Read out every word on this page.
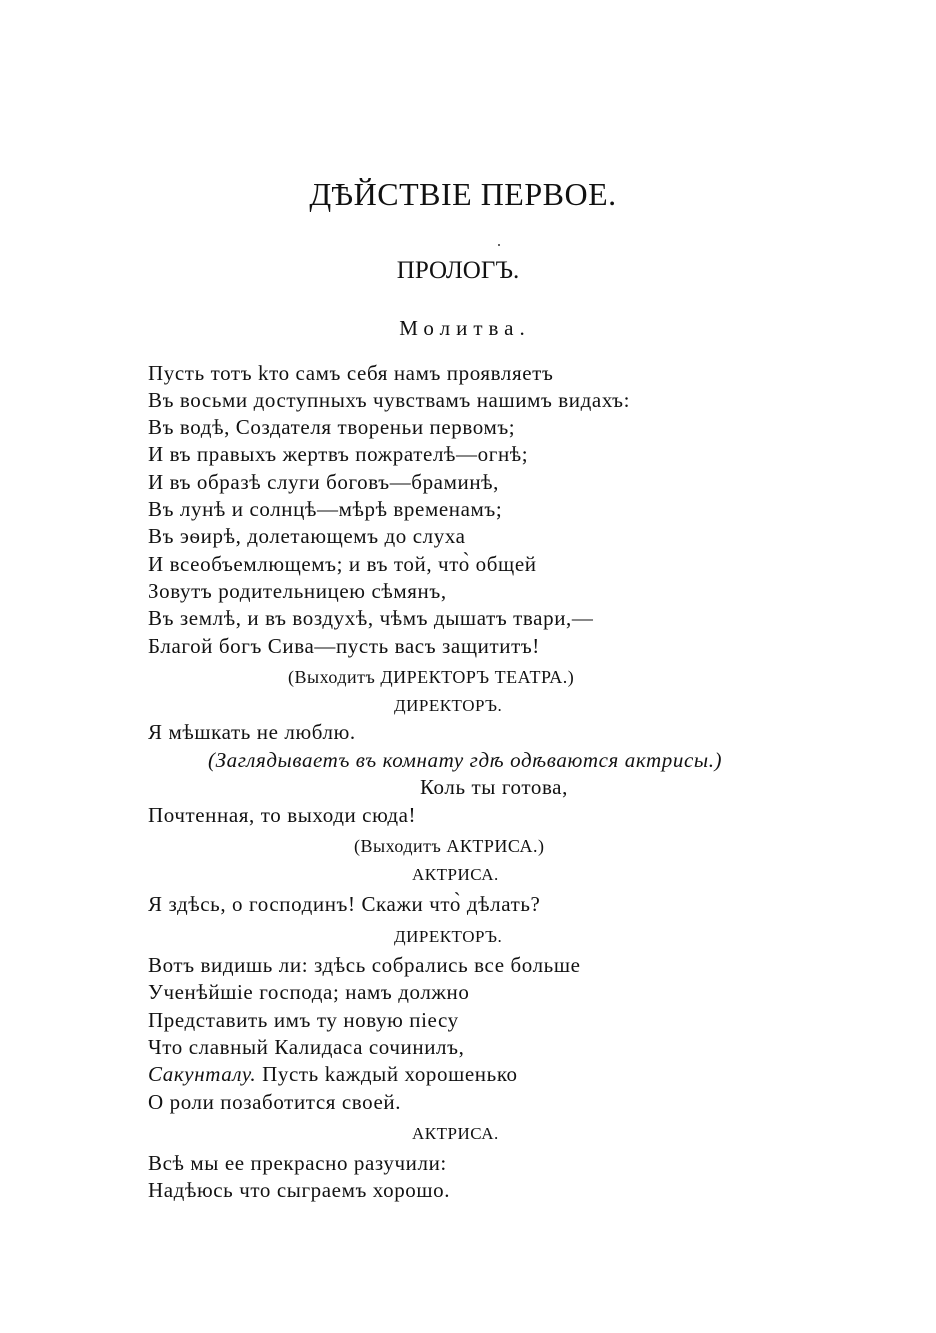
ДѢЙСТВІЕ ПЕРВОЕ.
ПРОЛОГЪ.
Молитва.
Пусть тотъ kто самъ себя намъ проявляетъ
Въ восьми доступныхъ чувствамъ нашимъ видахъ:
Въ водѣ, Создателя твореньи первомъ;
И въ правыхъ жертвъ пожрателѣ—огнѣ;
И въ образѣ слуги боговъ—браминѣ,
Въ лунѣ и солнцѣ—мѣрѣ временамъ;
Въ эѳирѣ, долетающемъ до слуха
И всеобъемлющемъ; и въ той, что̀ общей
Зовутъ родительницею сѣмянъ,
Въ землѣ, и въ воздухѣ, чѣмъ дышатъ твари,—
Благой богъ Сива—пусть васъ защититъ!
(Выходитъ ДИРЕКТОРЪ ТЕАТРА.)
ДИРЕКТОРЪ.
Я мѣшкать не люблю.
(Заглядываетъ въ комнату гдѣ одѣваются актрисы.)
Коль ты готова,
Почтенная, то выходи сюда!
(Выходитъ АКТРИСА.)
АКТРИСА.
Я здѣсь, о господинъ! Скажи что̀ дѣлать?
ДИРЕКТОРЪ.
Вотъ видишь ли: здѣсь собрались все больше
Ученѣйшіе господа; намъ должно
Представить имъ ту новую піесу
Что славный Калидаса сочинилъ,
Сакунталу. Пусть kаждый хорошенько
О роли позаботится своей.
АКТРИСА.
Всѣ мы ее прекрасно разучили:
Надѣюсь что сыграемъ хорошо.
